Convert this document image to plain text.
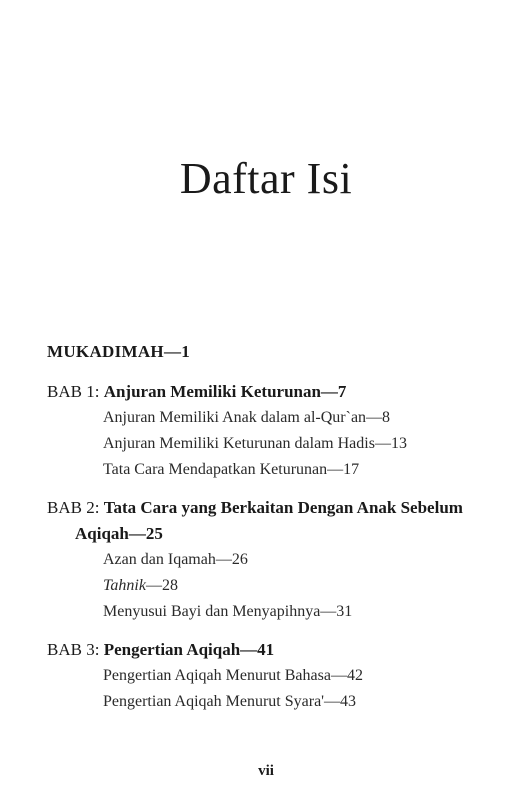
Daftar Isi
MUKADIMAH—1
BAB 1: Anjuran Memiliki Keturunan—7
Anjuran Memiliki Anak dalam al-Qur`an—8
Anjuran Memiliki Keturunan dalam Hadis—13
Tata Cara Mendapatkan Keturunan—17
BAB 2: Tata Cara yang Berkaitan Dengan Anak Sebelum
Aqiqah—25
Azan dan Iqamah—26
Tahnik—28
Menyusui Bayi dan Menyapihnya—31
BAB 3: Pengertian Aqiqah—41
Pengertian Aqiqah Menurut Bahasa—42
Pengertian Aqiqah Menurut Syara'—43
vii
